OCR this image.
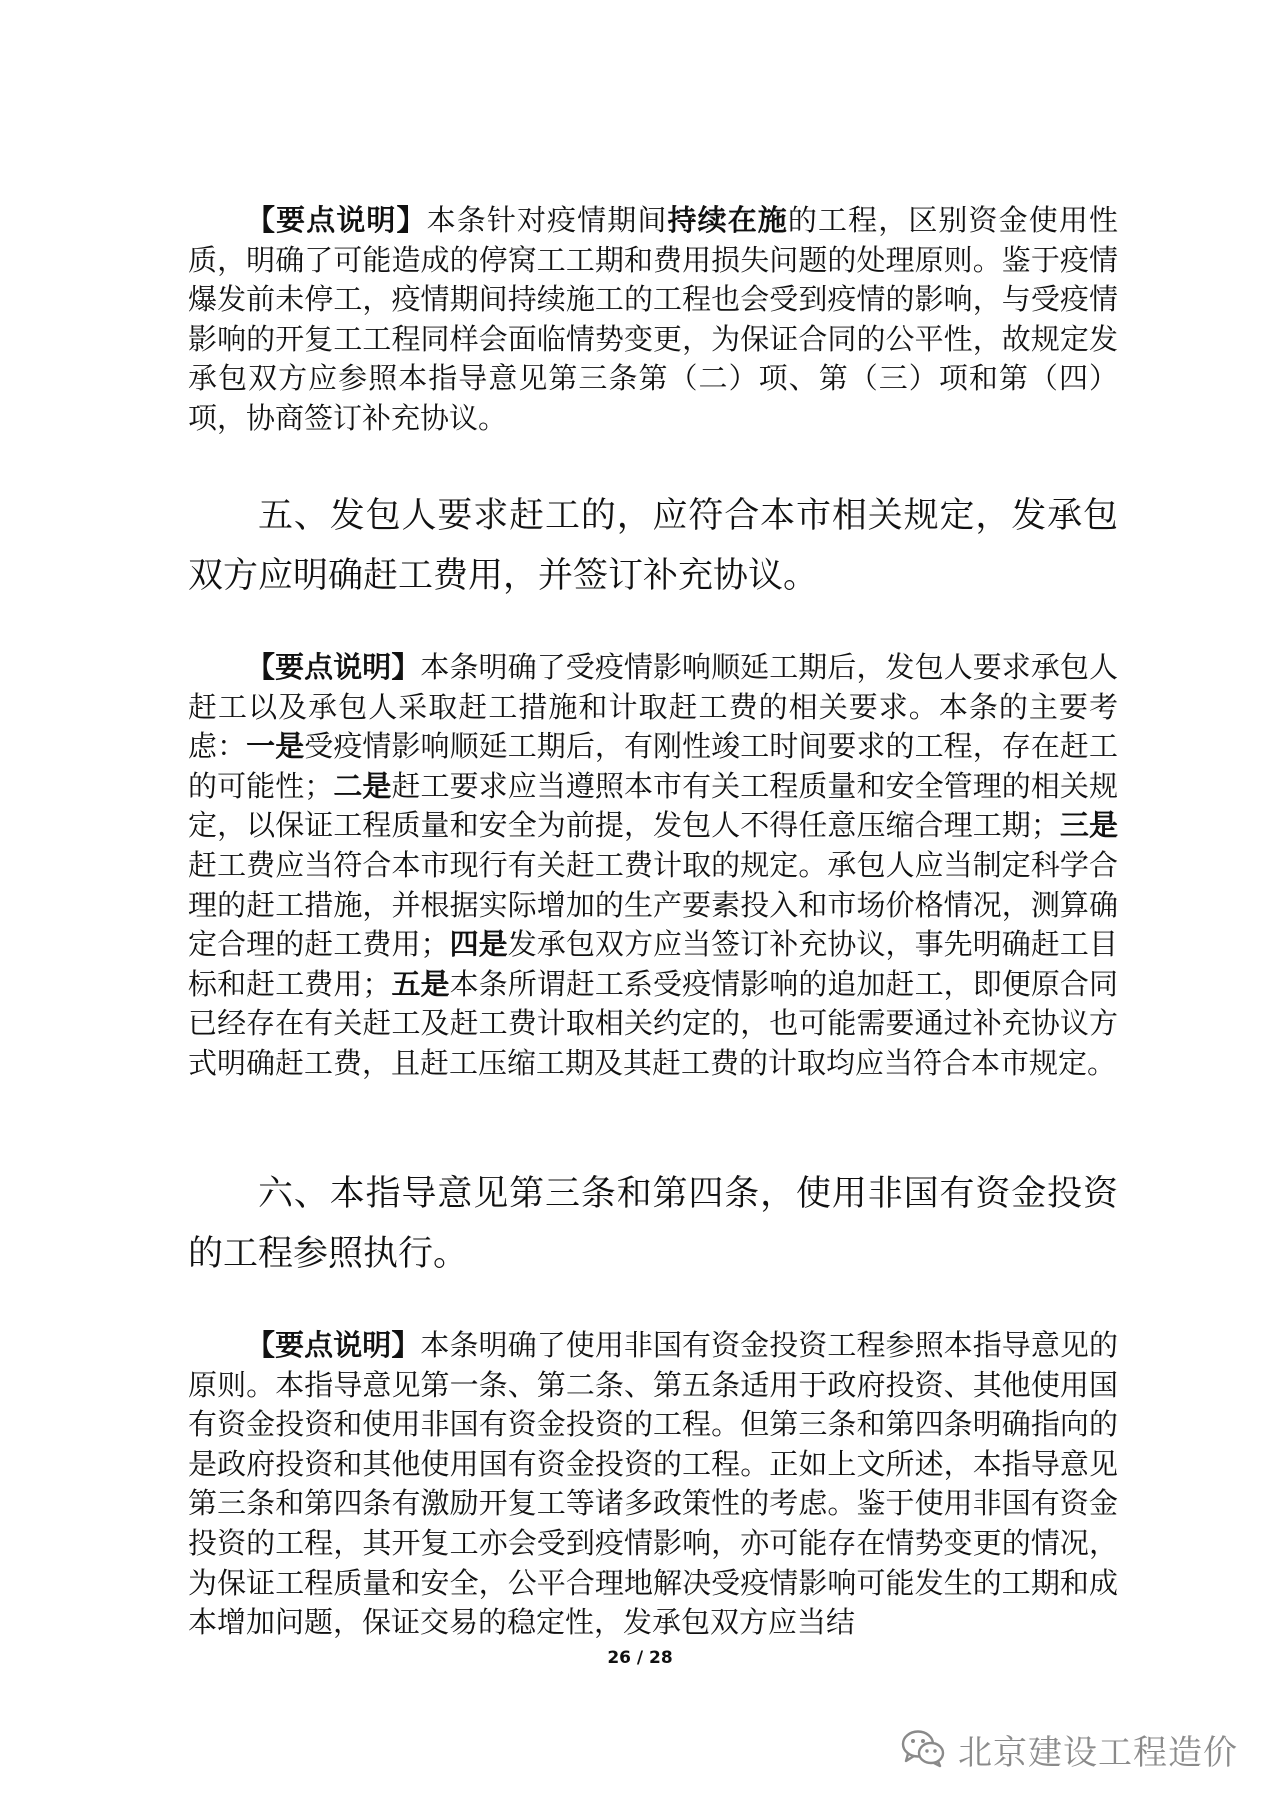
【要点说明】本条针对疫情期间持续在施的工程，区别资金使用性质，明确了可能造成的停窝工工期和费用损失问题的处理原则。鉴于疫情爆发前未停工，疫情期间持续施工的工程也会受到疫情的影响，与受疫情影响的开复工工程同样会面临情势变更，为保证合同的公平性，故规定发承包双方应参照本指导意见第三条第（二）项、第（三）项和第（四）项，协商签订补充协议。

五、发包人要求赶工的，应符合本市相关规定，发承包双方应明确赶工费用，并签订补充协议。

【要点说明】本条明确了受疫情影响顺延工期后，发包人要求承包人赶工以及承包人采取赶工措施和计取赶工费的相关要求。本条的主要考虑：一是受疫情影响顺延工期后，有刚性竣工时间要求的工程，存在赶工的可能性；二是赶工要求应当遵照本市有关工程质量和安全管理的相关规定，以保证工程质量和安全为前提，发包人不得任意压缩合理工期；三是赶工费应当符合本市现行有关赶工费计取的规定。承包人应当制定科学合理的赶工措施，并根据实际增加的生产要素投入和市场价格情况，测算确定合理的赶工费用；四是发承包双方应当签订补充协议，事先明确赶工目标和赶工费用；五是本条所谓赶工系受疫情影响的追加赶工，即便原合同已经存在有关赶工及赶工费计取相关约定的，也可能需要通过补充协议方式明确赶工费，且赶工压缩工期及其赶工费的计取均应当符合本市规定。

六、本指导意见第三条和第四条，使用非国有资金投资的工程参照执行。

【要点说明】本条明确了使用非国有资金投资工程参照本指导意见的原则。本指导意见第一条、第二条、第五条适用于政府投资、其他使用国有资金投资和使用非国有资金投资的工程。但第三条和第四条明确指向的是政府投资和其他使用国有资金投资的工程。正如上文所述，本指导意见第三条和第四条有激励开复工等诸多政策性的考虑。鉴于使用非国有资金投资的工程，其开复工亦会受到疫情影响，亦可能存在情势变更的情况，为保证工程质量和安全，公平合理地解决受疫情影响可能发生的工期和成本增加问题，保证交易的稳定性，发承包双方应当结

26 / 28
北京建设工程造价
